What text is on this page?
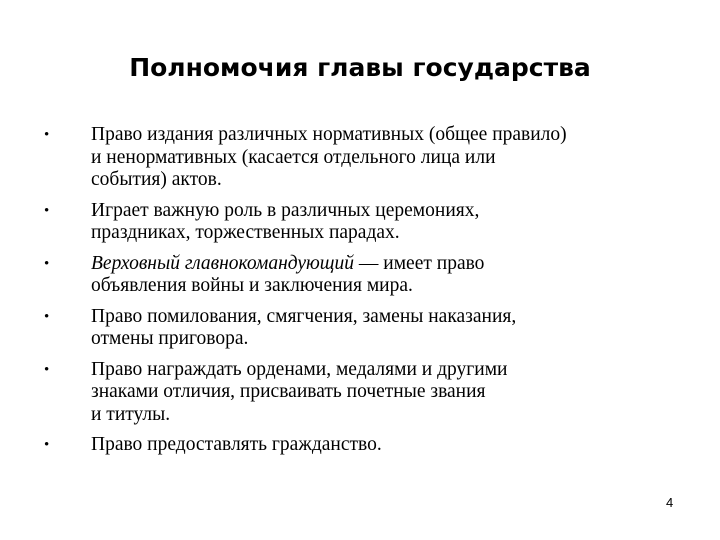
Полномочия главы государства
• Право издания различных нормативных (общее правило)
и ненормативных (касается отдельного лица или
события) актов.
• Играет важную роль в различных церемониях,
праздниках, торжественных парадах.
• Верховный главнокомандующий — имеет право
объявления войны и заключения мира.
• Право помилования, смягчения, замены наказания,
отмены приговора.
• Право награждать орденами, медалями и другими
знаками отличия, присваивать почетные звания
и титулы.
• Право предоставлять гражданство.
4
